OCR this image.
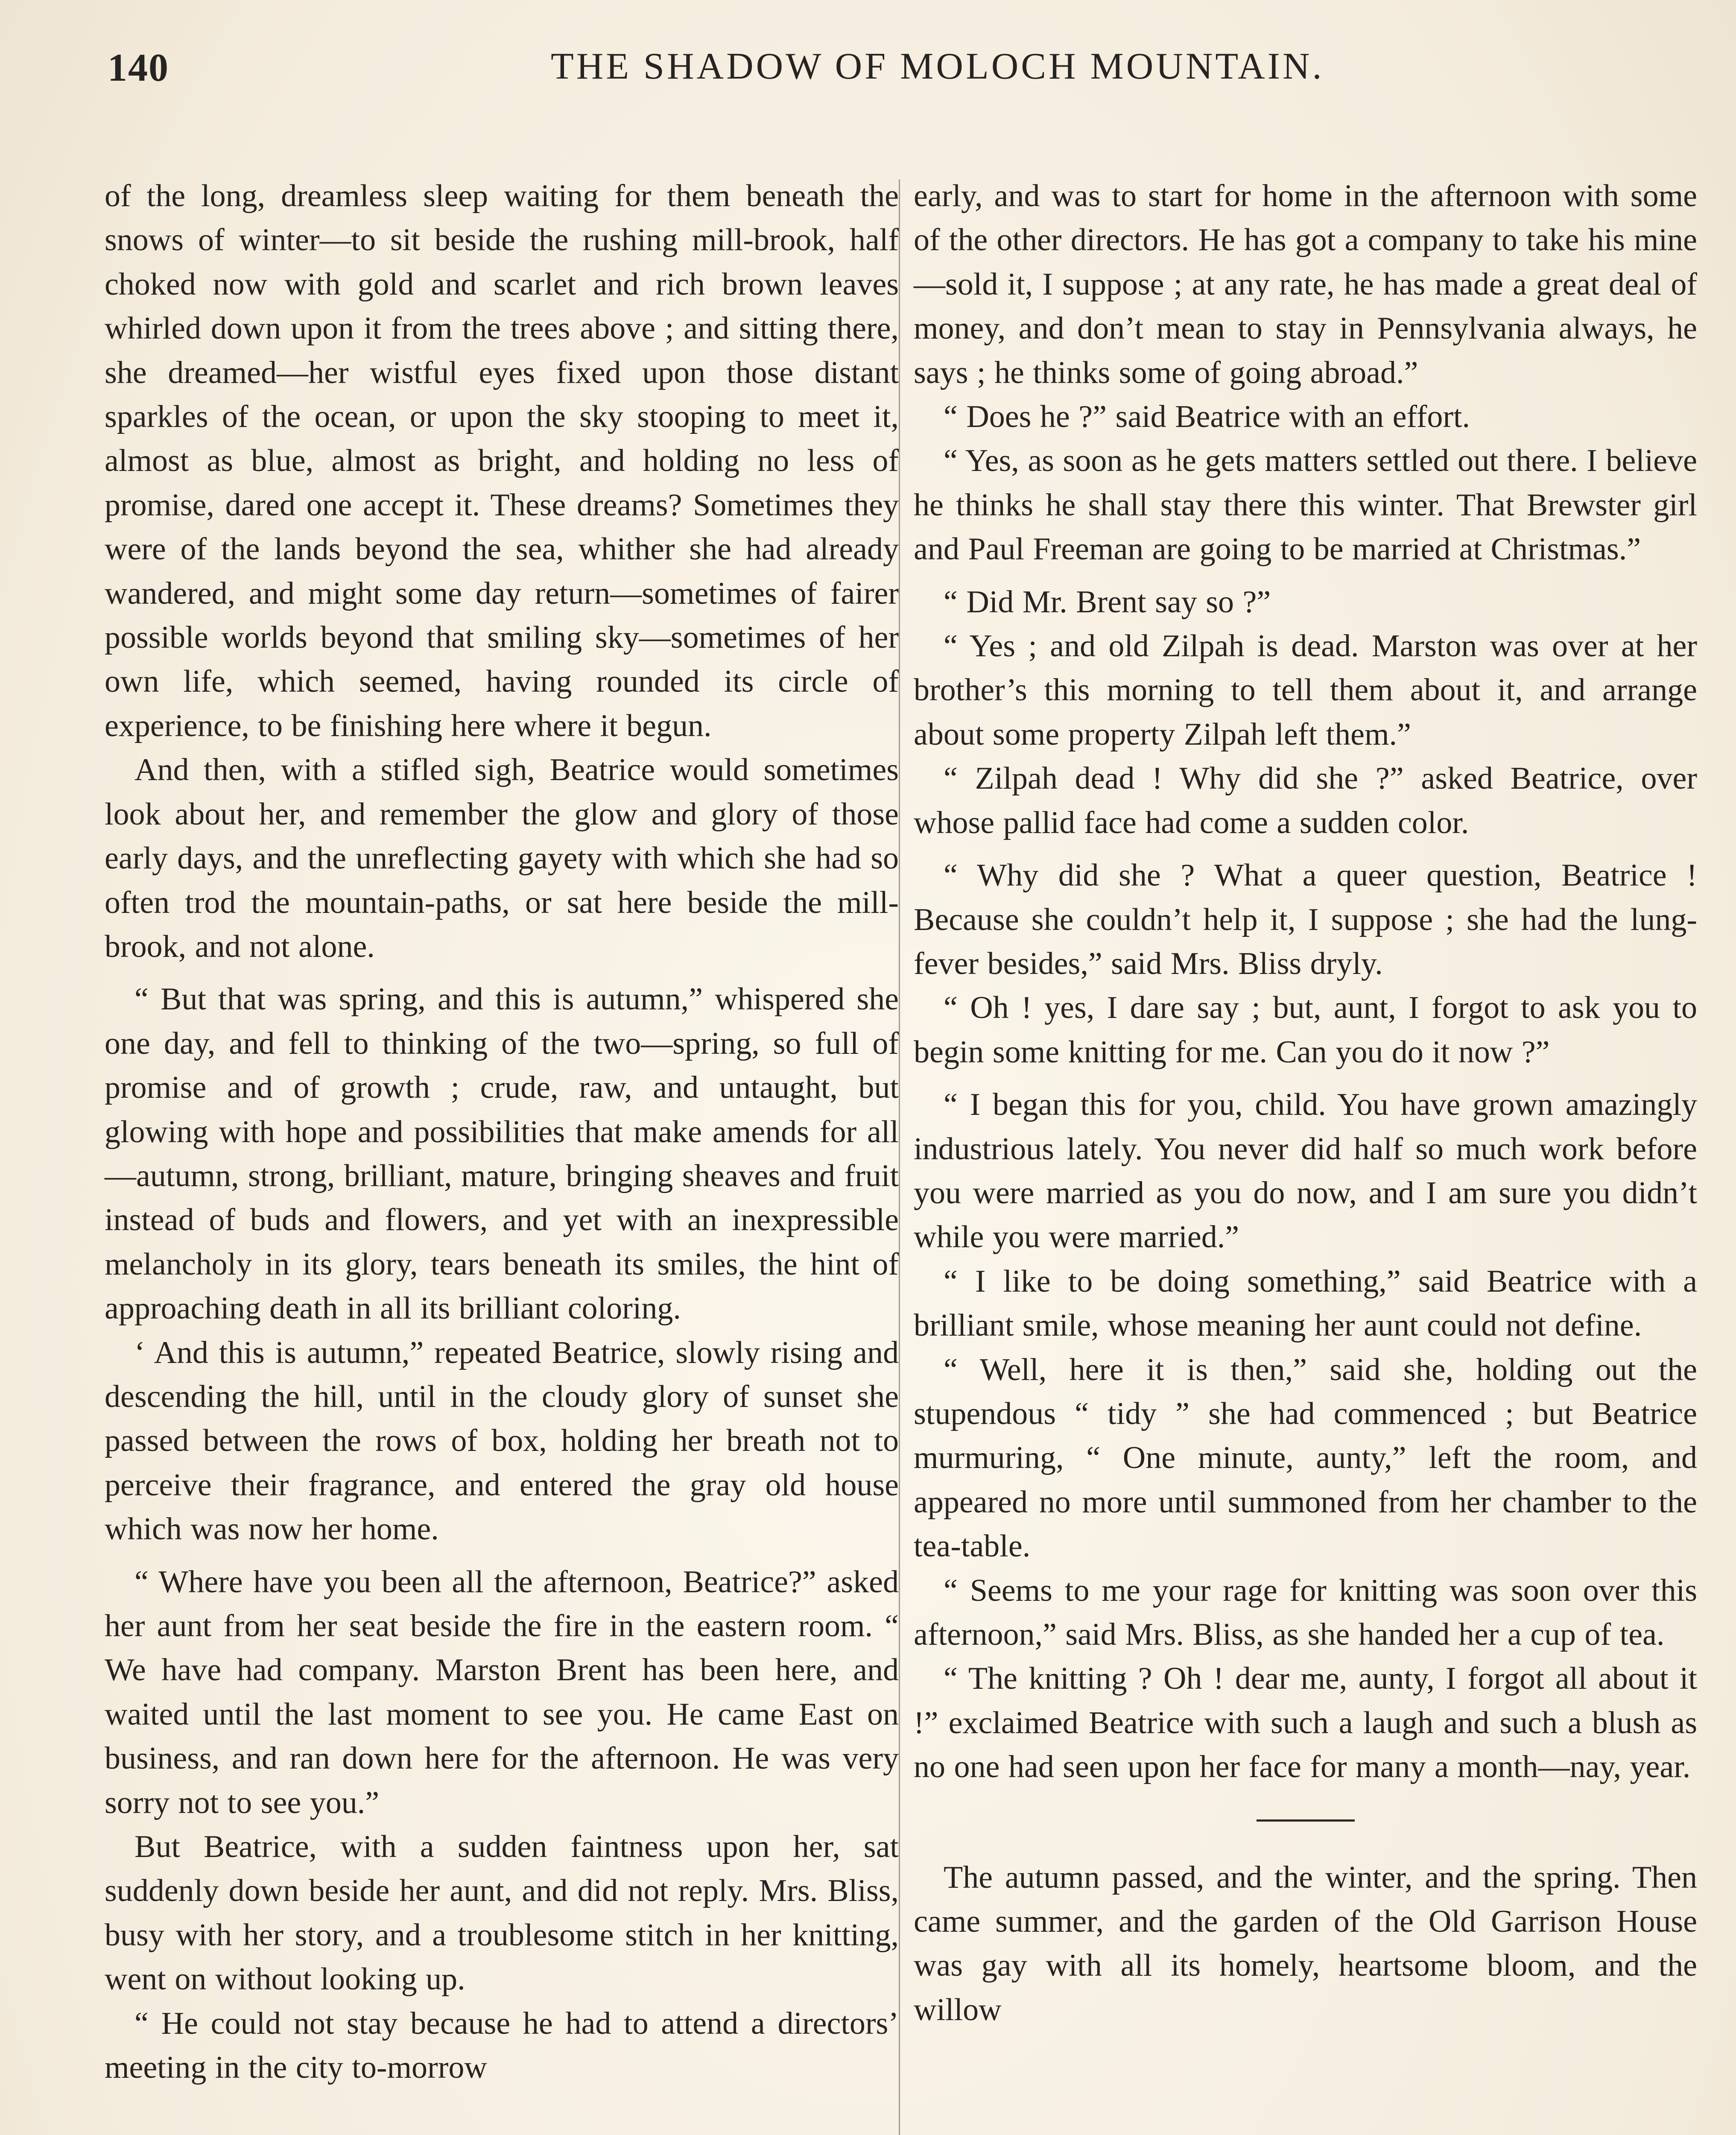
140	THE SHADOW OF MOLOCH MOUNTAIN.

of the long, dreamless sleep waiting for them beneath the snows of winter—to sit beside the rushing mill-brook, half choked now with gold and scarlet and rich brown leaves whirled down upon it from the trees above ; and sitting there, she dreamed—her wistful eyes fixed upon those distant sparkles of the ocean, or upon the sky stooping to meet it, almost as blue, almost as bright, and holding no less of promise, dared one accept it. These dreams? Sometimes they were of the lands beyond the sea, whither she had already wandered, and might some day return—sometimes of fairer possible worlds beyond that smiling sky—sometimes of her own life, which seemed, having rounded its circle of experience, to be finishing here where it begun.

And then, with a stifled sigh, Beatrice would sometimes look about her, and remember the glow and glory of those early days, and the unreflecting gayety with which she had so often trod the mountain-paths, or sat here beside the mill-brook, and not alone.

“ But that was spring, and this is autumn,” whispered she one day, and fell to thinking of the two—spring, so full of promise and of growth ; crude, raw, and untaught, but glowing with hope and possibilities that make amends for all—autumn, strong, brilliant, mature, bringing sheaves and fruit instead of buds and flowers, and yet with an inexpressible melancholy in its glory, tears beneath its smiles, the hint of approaching death in all its brilliant coloring.

‘ And this is autumn,” repeated Beatrice, slowly rising and descending the hill, until in the cloudy glory of sunset she passed between the rows of box, holding her breath not to perceive their fragrance, and entered the gray old house which was now her home.

“ Where have you been all the afternoon, Beatrice?” asked her aunt from her seat beside the fire in the eastern room. “ We have had company. Marston Brent has been here, and waited until the last moment to see you. He came East on business, and ran down here for the afternoon. He was very sorry not to see you.”

But Beatrice, with a sudden faintness upon her, sat suddenly down beside her aunt, and did not reply. Mrs. Bliss, busy with her story, and a troublesome stitch in her knitting, went on without looking up.

“ He could not stay because he had to attend a directors’ meeting in the city to-morrow

early, and was to start for home in the afternoon with some of the other directors. He has got a company to take his mine—sold it, I suppose ; at any rate, he has made a great deal of money, and don’t mean to stay in Pennsylvania always, he says ; he thinks some of going abroad.”

“ Does he ?” said Beatrice with an effort.

“ Yes, as soon as he gets matters settled out there. I believe he thinks he shall stay there this winter. That Brewster girl and Paul Freeman are going to be married at Christmas.”

“ Did Mr. Brent say so ?”

“ Yes ; and old Zilpah is dead. Marston was over at her brother’s this morning to tell them about it, and arrange about some property Zilpah left them.”

“ Zilpah dead ! Why did she ?” asked Beatrice, over whose pallid face had come a sudden color.

“ Why did she ? What a queer question, Beatrice ! Because she couldn’t help it, I suppose ; she had the lung-fever besides,” said Mrs. Bliss dryly.

“ Oh ! yes, I dare say ; but, aunt, I forgot to ask you to begin some knitting for me. Can you do it now ?”

“ I began this for you, child. You have grown amazingly industrious lately. You never did half so much work before you were married as you do now, and I am sure you didn’t while you were married.”

“ I like to be doing something,” said Beatrice with a brilliant smile, whose meaning her aunt could not define.

“ Well, here it is then,” said she, holding out the stupendous “ tidy ” she had commenced ; but Beatrice murmuring, “ One minute, aunty,” left the room, and appeared no more until summoned from her chamber to the tea-table.

“ Seems to me your rage for knitting was soon over this afternoon,” said Mrs. Bliss, as she handed her a cup of tea.

“ The knitting ? Oh ! dear me, aunty, I forgot all about it !” exclaimed Beatrice with such a laugh and such a blush as no one had seen upon her face for many a month—nay, year.

The autumn passed, and the winter, and the spring. Then came summer, and the garden of the Old Garrison House was gay with all its homely, heartsome bloom, and the willow
